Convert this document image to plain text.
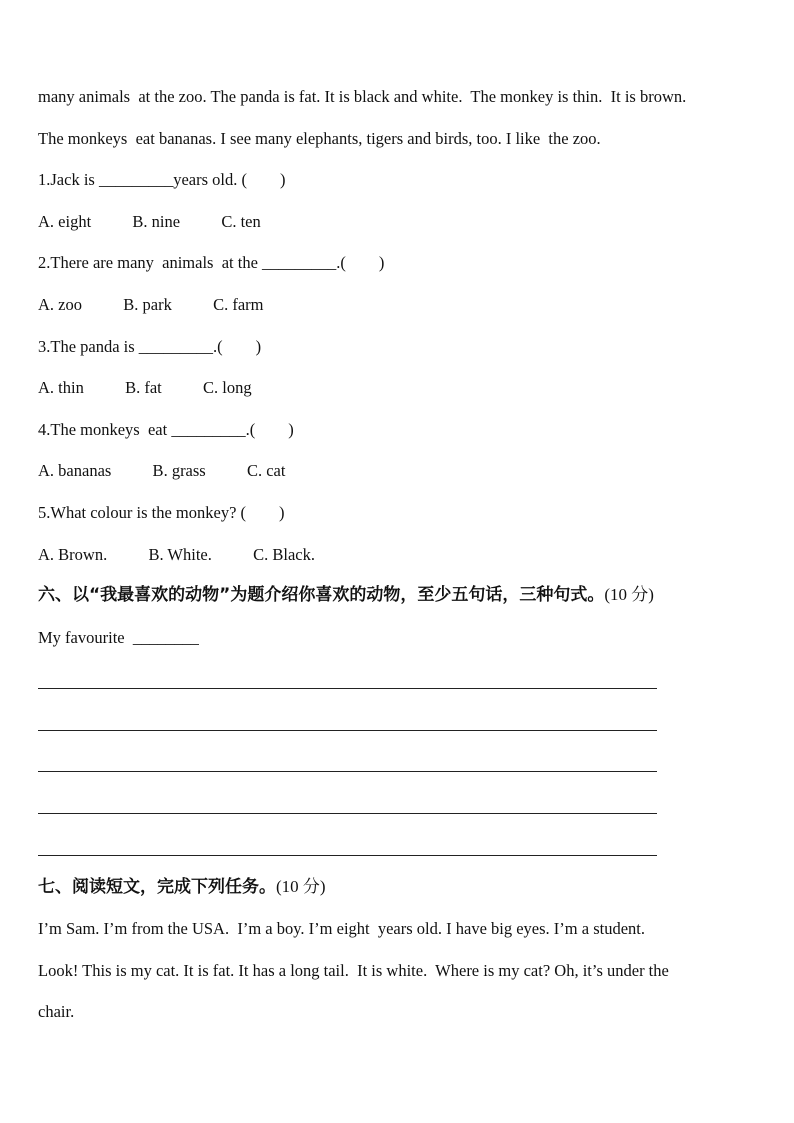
many animals  at the zoo. The panda is fat. It is black and white.  The monkey is thin.  It is brown.
The monkeys  eat bananas. I see many elephants, tigers and birds, too. I like  the zoo.
1.Jack is _________years old. (        )
A. eight          B. nine          C. ten
2.There are many  animals  at the _________.(        )
A. zoo          B. park          C. farm
3.The panda is _________.(        )
A. thin          B. fat          C. long
4.The monkeys  eat _________.(        )
A. bananas          B. grass          C. cat
5.What colour is the monkey? (        )
A. Brown.          B. White.          C. Black.
六、以“我最喜欢的动物”为题介绍你喜欢的动物，至少五句话，三种句式。(10 分)
My favourite  ________
七、阅读短文，完成下列任务。(10 分)
I’m Sam. I’m from the USA.  I’m a boy. I’m eight  years old. I have big eyes. I’m a student.
Look! This is my cat. It is fat. It has a long tail.  It is white.  Where is my cat? Oh, it’s under the
chair.
